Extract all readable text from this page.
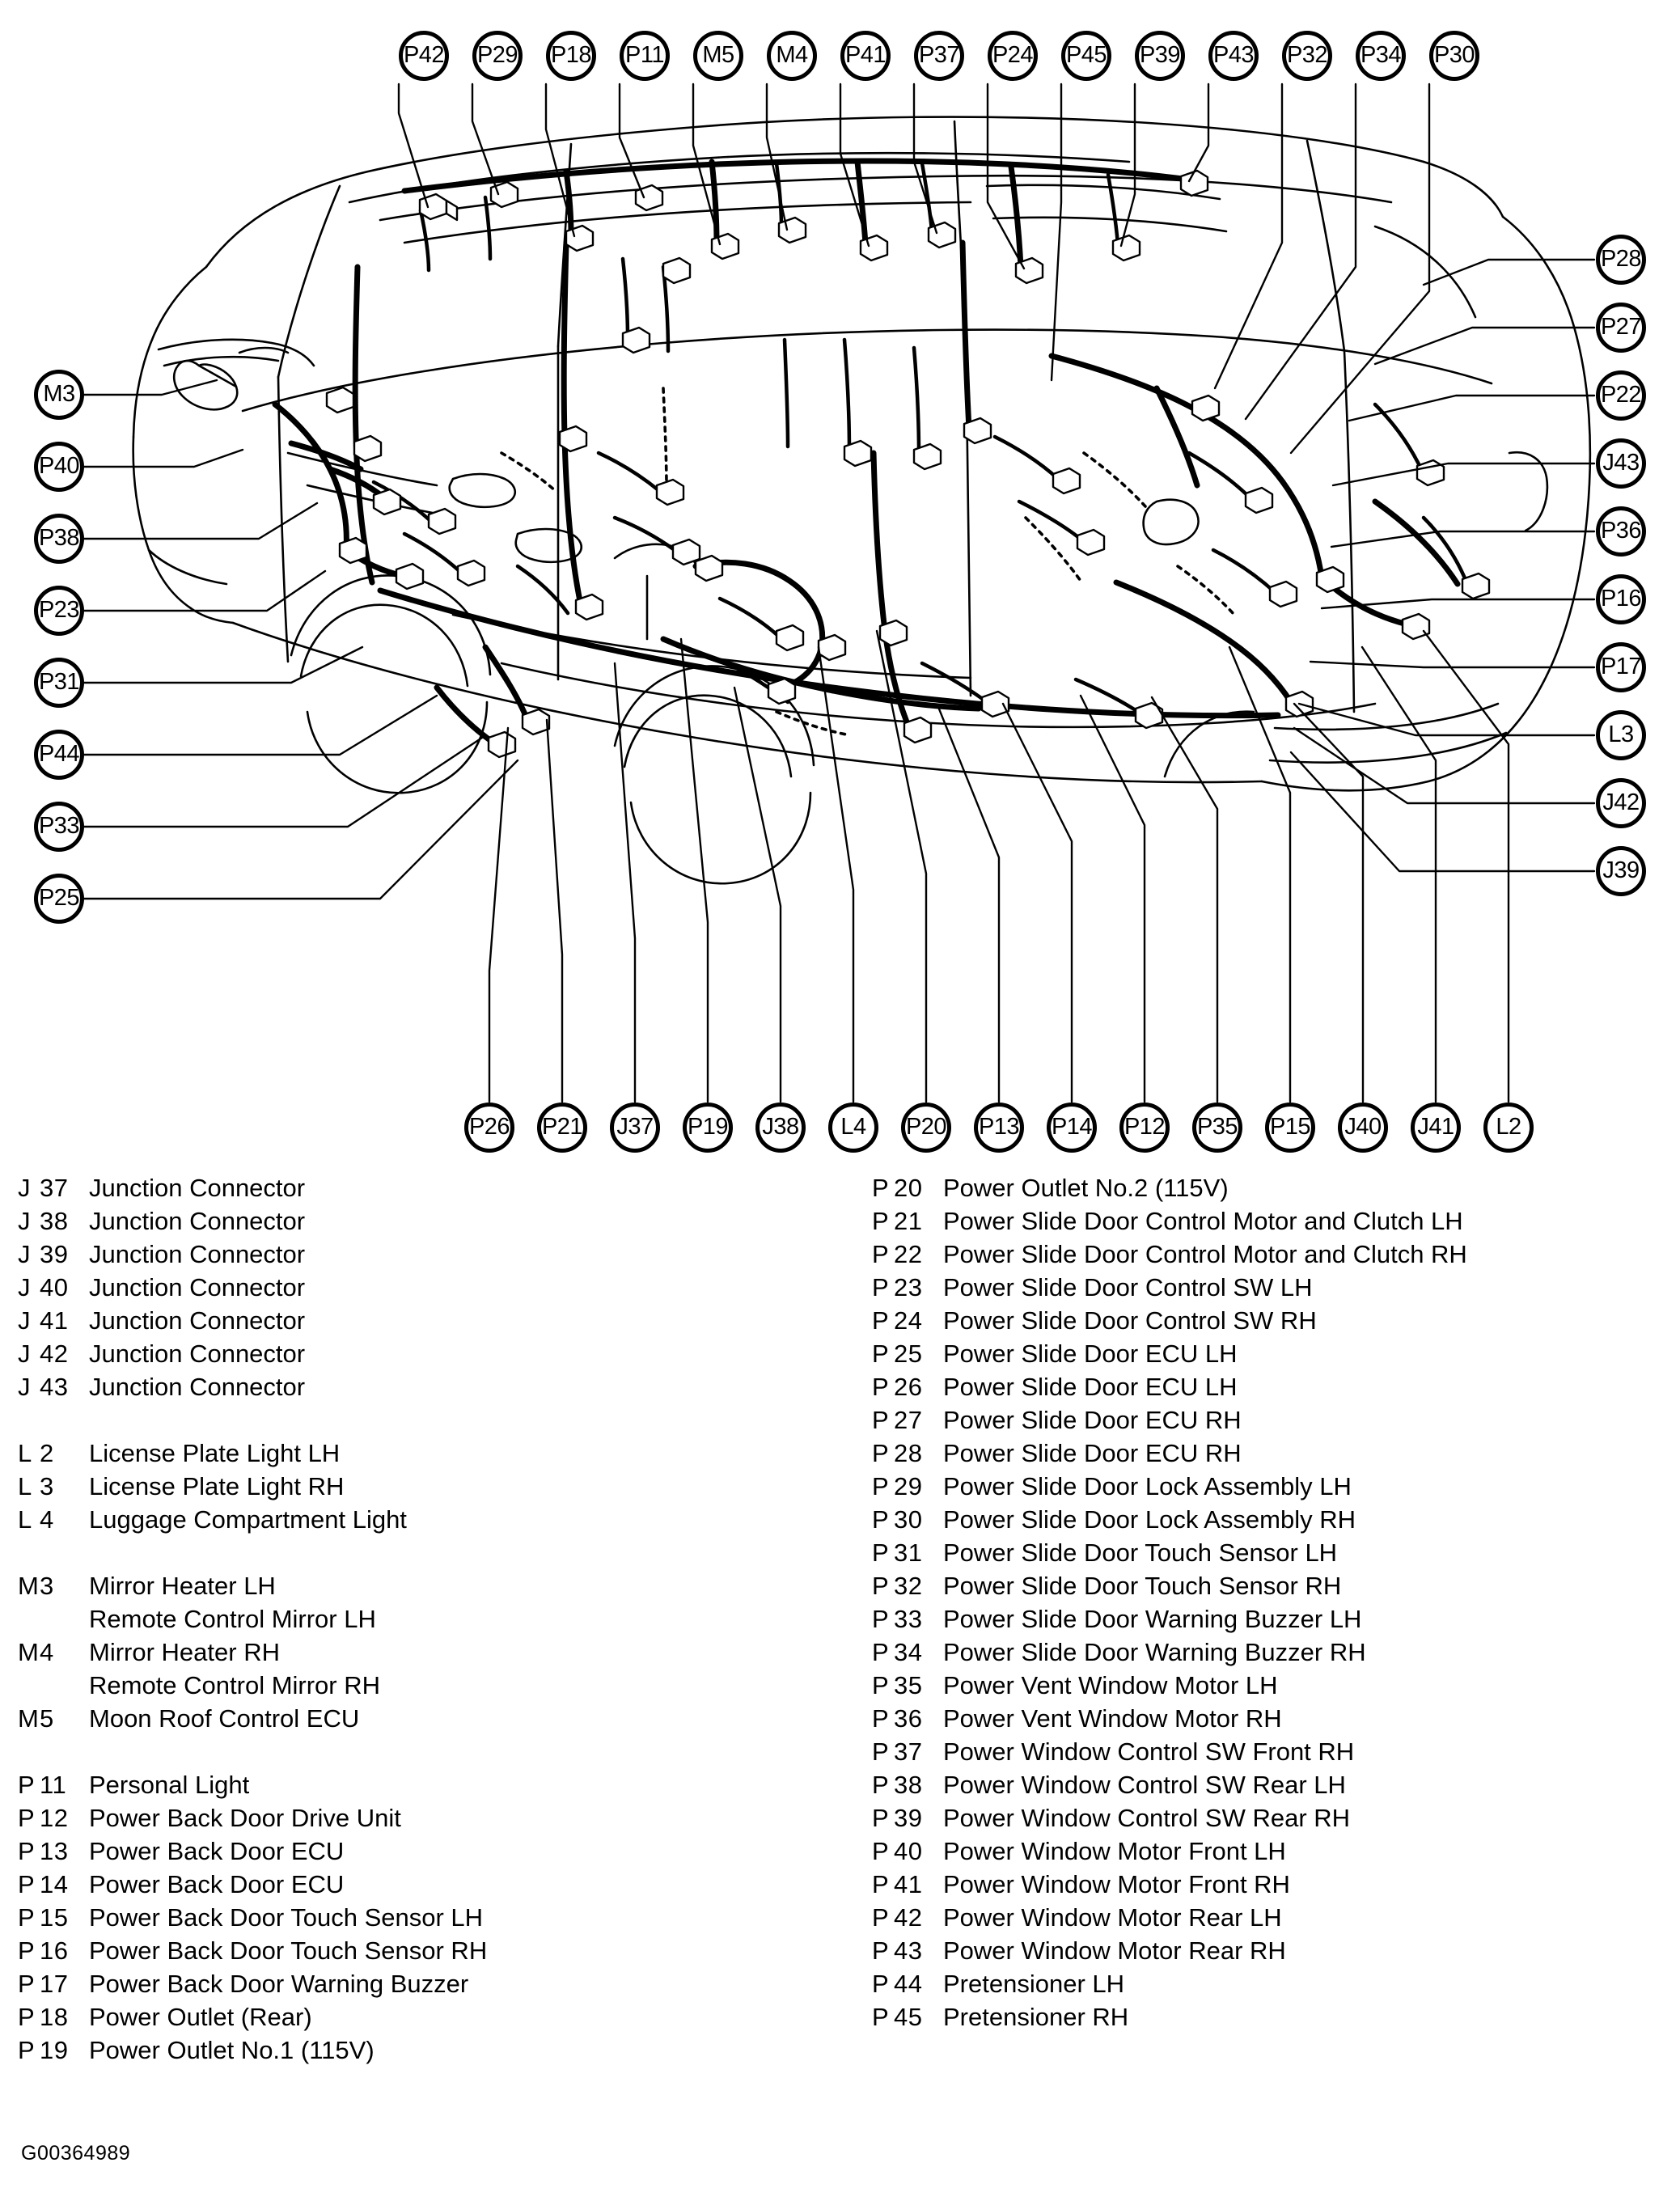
P42 P29 P18 P11 M5 M4 P41 P37 P24 P45 P39 P43 P32 P34 P30
M3
P40
P38
P23
P31
P44
P33
P25
P28
P27
P22
J43
P36
P16
P17
L3
J42
J39
P26 P21 J37 P19 J38 L4 P20 P13 P14 P12 P35 P15 J40 J41 L2
J 37 Junction Connector
J 38 Junction Connector
J 39 Junction Connector
J 40 Junction Connector
J 41 Junction Connector
J 42 Junction Connector
J 43 Junction Connector
L 2	License Plate Light LH
L 3	License Plate Light RH
L 4	Luggage Compartment Light
M3	Mirror Heater LH
Remote Control Mirror LH
M4	Mirror Heater RH
Remote Control Mirror RH
M5	Moon Roof Control ECU
P 11 Personal Light
P 12 Power Back Door Drive Unit
P 13 Power Back Door ECU
P 14 Power Back Door ECU
P 15 Power Back Door Touch Sensor LH
P 16 Power Back Door Touch Sensor RH
P 17 Power Back Door Warning Buzzer
P 18 Power Outlet (Rear)
P 19 Power Outlet No.1 (115V)
P 20 Power Outlet No.2 (115V)
P 21 Power Slide Door Control Motor and Clutch LH
P 22 Power Slide Door Control Motor and Clutch RH
P 23 Power Slide Door Control SW LH
P 24 Power Slide Door Control SW RH
P 25 Power Slide Door ECU LH
P 26 Power Slide Door ECU LH
P 27 Power Slide Door ECU RH
P 28 Power Slide Door ECU RH
P 29 Power Slide Door Lock Assembly LH
P 30 Power Slide Door Lock Assembly RH
P 31 Power Slide Door Touch Sensor LH
P 32 Power Slide Door Touch Sensor RH
P 33 Power Slide Door Warning Buzzer LH
P 34 Power Slide Door Warning Buzzer RH
P 35 Power Vent Window Motor LH
P 36 Power Vent Window Motor RH
P 37 Power Window Control SW Front RH
P 38 Power Window Control SW Rear LH
P 39 Power Window Control SW Rear RH
P 40 Power Window Motor Front LH
P 41 Power Window Motor Front RH
P 42 Power Window Motor Rear LH
P 43 Power Window Motor Rear RH
P 44 Pretensioner LH
P 45 Pretensioner RH
G00364989
